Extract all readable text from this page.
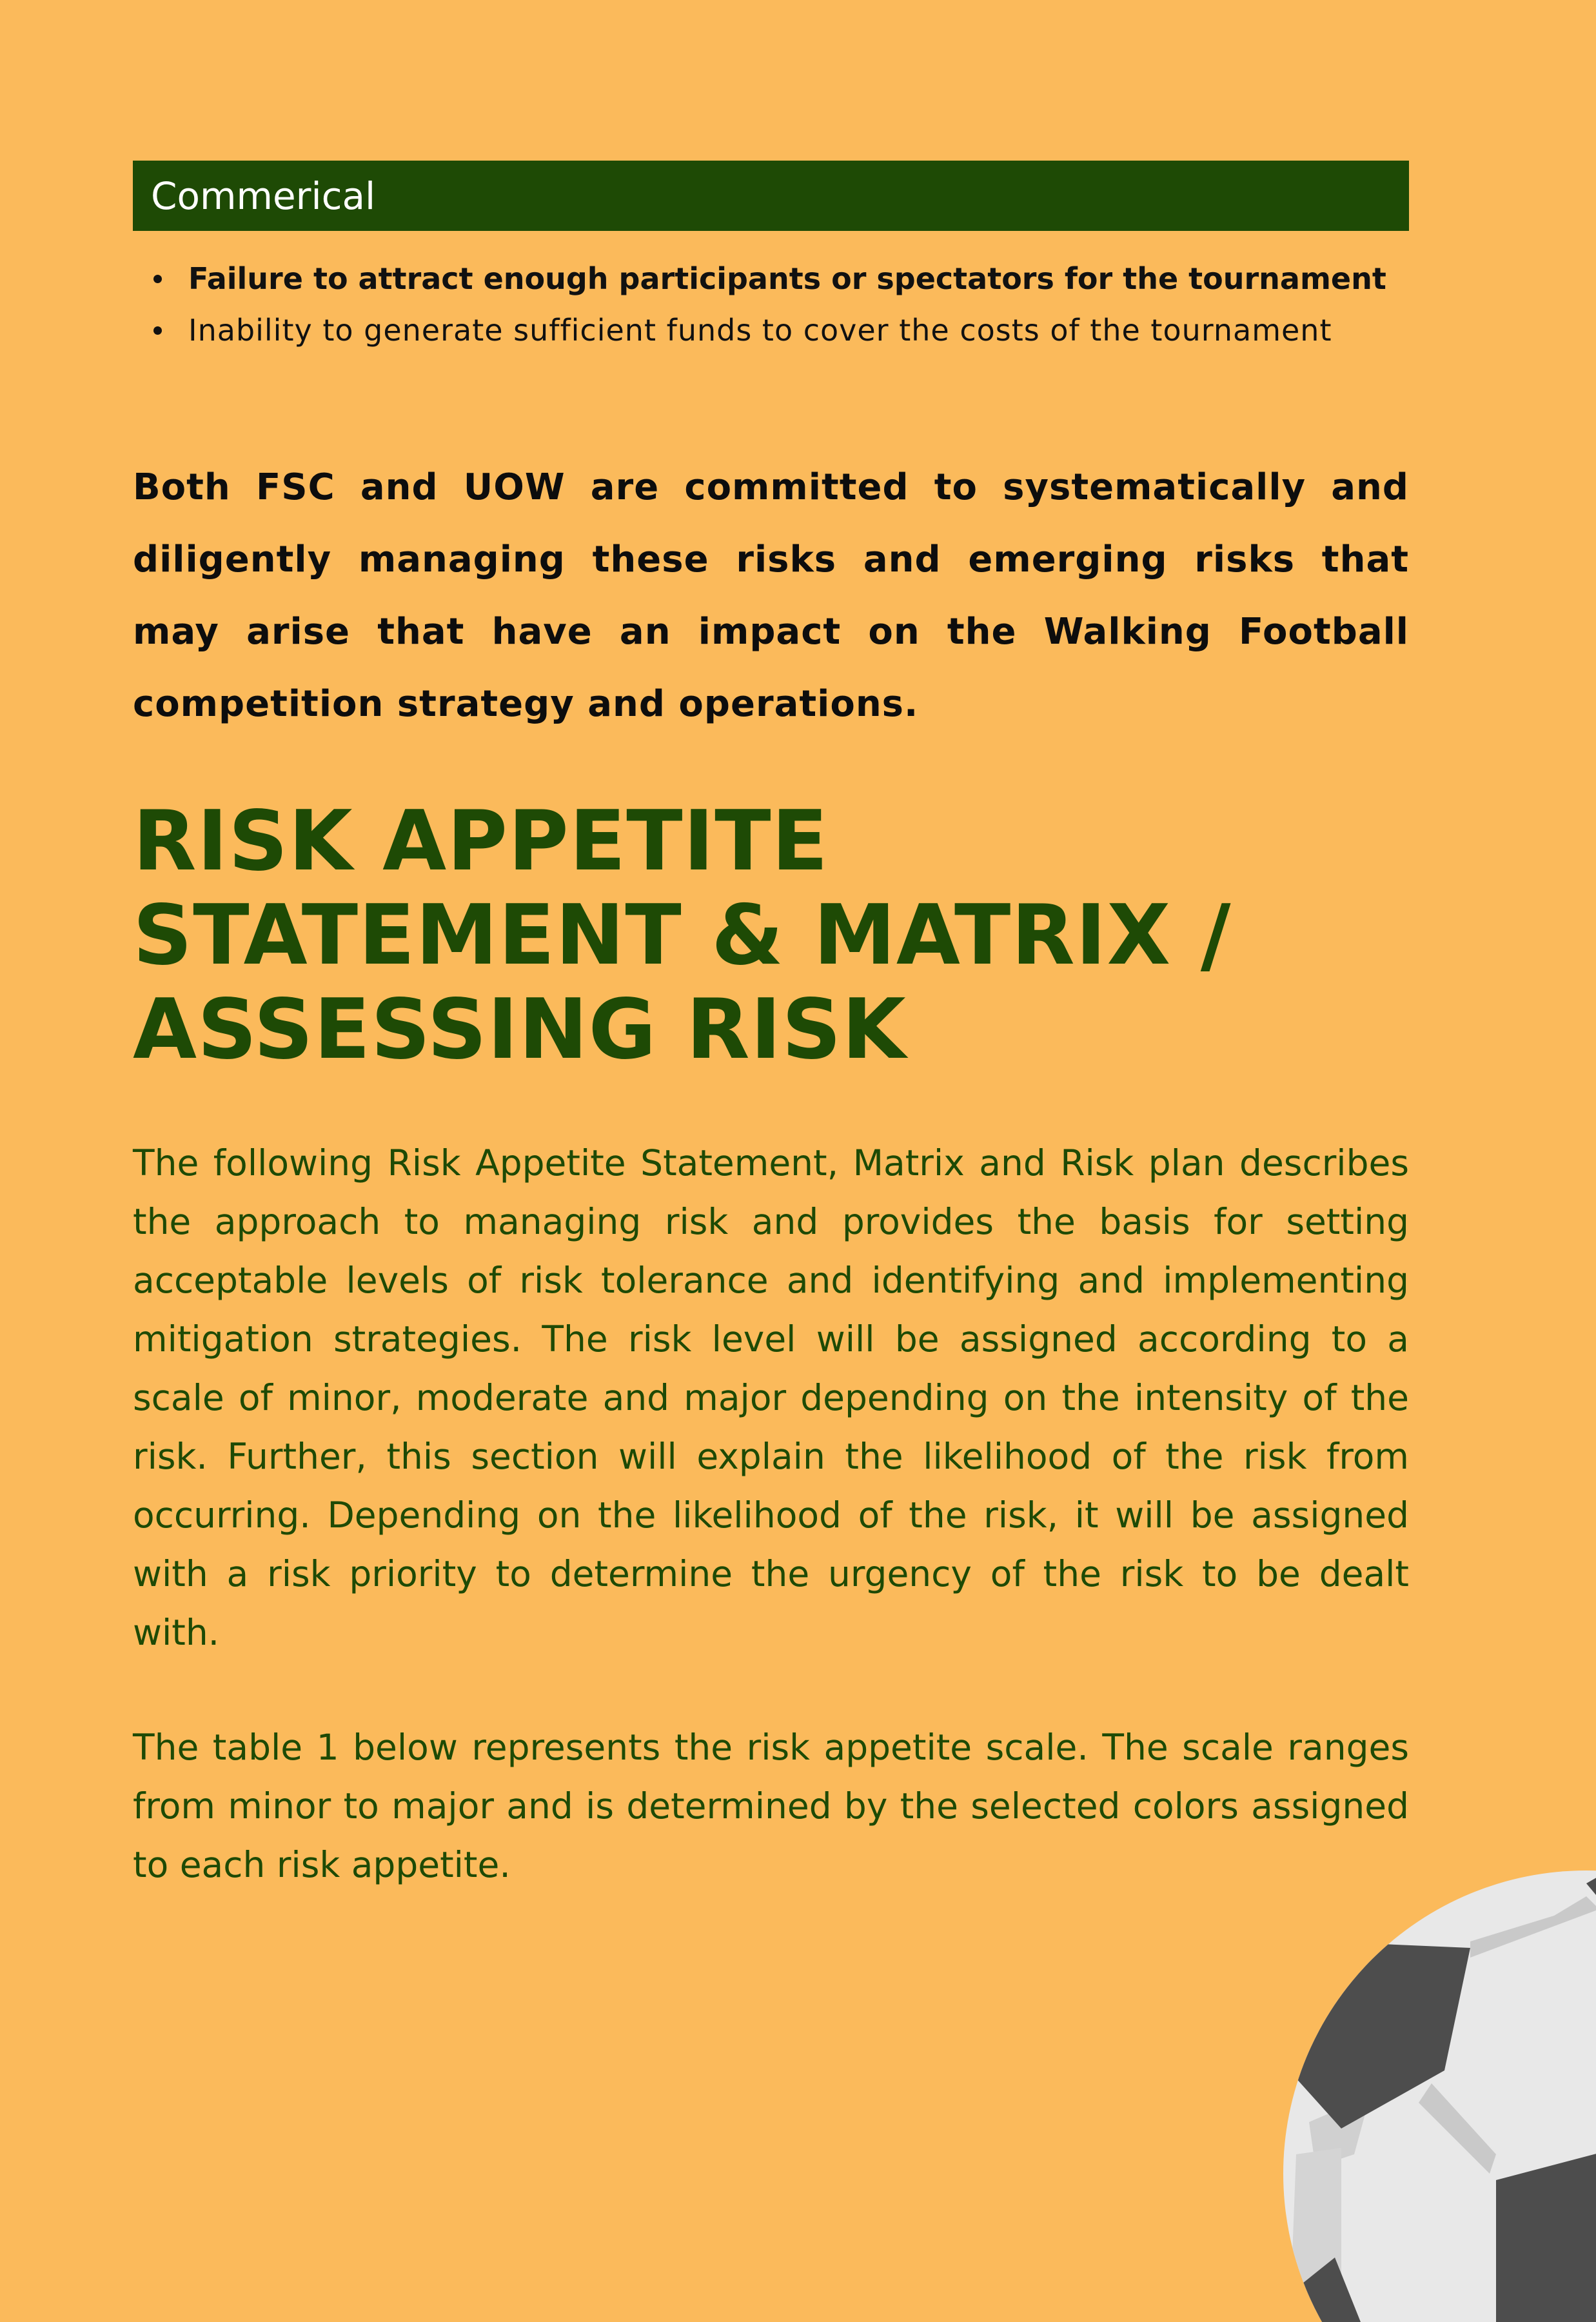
Commerical
Failure to attract enough participants or spectators for the tournament
Inability to generate sufficient funds to cover the costs of the tournament

Both FSC and UOW are committed to systematically and diligently managing these risks and emerging risks that may arise that have an impact on the Walking Football competition strategy and operations.

RISK APPETITE
STATEMENT & MATRIX /
ASSESSING RISK

The following Risk Appetite Statement, Matrix and Risk plan describes the approach to managing risk and provides the basis for setting acceptable levels of risk tolerance and identifying and implementing mitigation strategies. The risk level will be assigned according to a scale of minor, moderate and major depending on the intensity of the risk. Further, this section will explain the likelihood of the risk from occurring. Depending on the likelihood of the risk, it will be assigned with a risk priority to determine the urgency of the risk to be dealt with.

The table 1 below represents the risk appetite scale. The scale ranges from minor to major and is determined by the selected colors assigned to each risk appetite.
